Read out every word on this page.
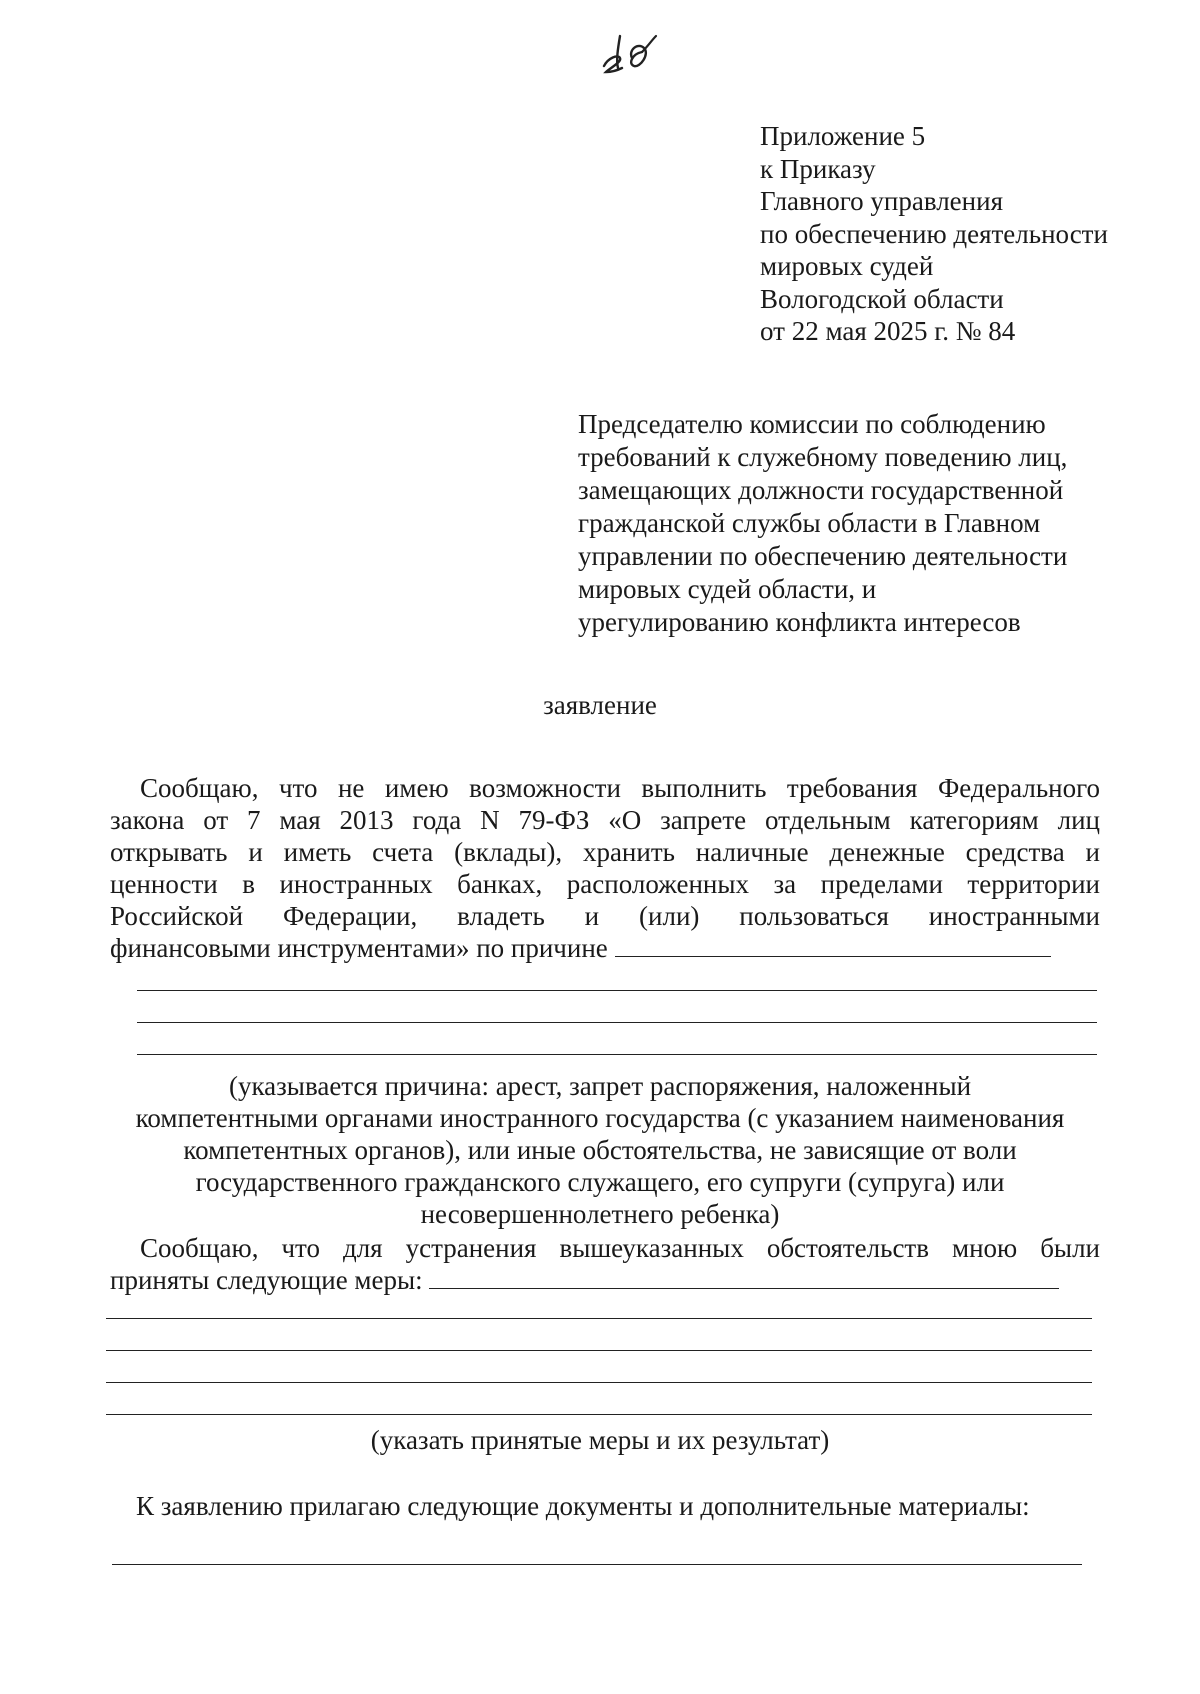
Приложение 5
к Приказу
Главного управления
по обеспечению деятельности
мировых судей
Вологодской области
от 22 мая 2025 г. № 84
Председателю комиссии по соблюдению
требований к служебному поведению лиц,
замещающих должности государственной
гражданской службы области в Главном
управлении по обеспечению деятельности
мировых судей области, и
урегулированию конфликта интересов
заявление
Сообщаю, что не имею возможности выполнить требования Федерального
закона от 7 мая 2013 года N 79-ФЗ «О запрете отдельным категориям лиц
открывать и иметь счета (вклады), хранить наличные денежные средства и
ценности в иностранных банках, расположенных за пределами территории
Российской Федерации, владеть и (или) пользоваться иностранными
финансовыми инструментами» по причине
(указывается причина: арест, запрет распоряжения, наложенный
компетентными органами иностранного государства (с указанием наименования
компетентных органов), или иные обстоятельства, не зависящие от воли
государственного гражданского служащего, его супруги (супруга) или
несовершеннолетнего ребенка)
Сообщаю, что для устранения вышеуказанных обстоятельств мною были
приняты следующие меры:
(указать принятые меры и их результат)
К заявлению прилагаю следующие документы и дополнительные материалы:
